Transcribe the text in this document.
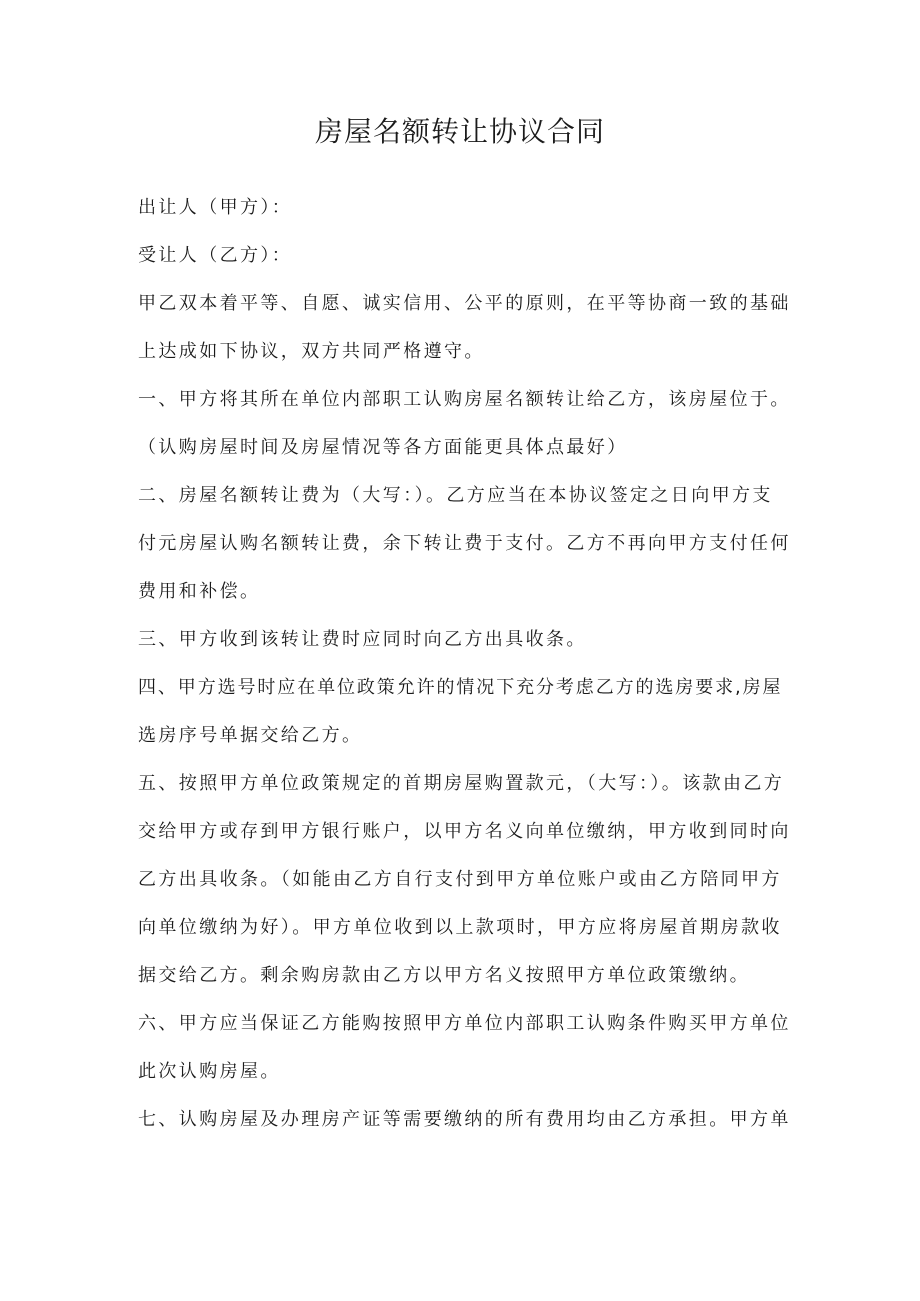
房屋名额转让协议合同
出让人（甲方）：
受让人（乙方）：
甲乙双本着平等、自愿、诚实信用、公平的原则，在平等协商一致的基础
上达成如下协议，双方共同严格遵守。
一、甲方将其所在单位内部职工认购房屋名额转让给乙方，该房屋位于。
（认购房屋时间及房屋情况等各方面能更具体点最好）
二、房屋名额转让费为（大写：）。乙方应当在本协议签定之日向甲方支
付元房屋认购名额转让费，余下转让费于支付。乙方不再向甲方支付任何
费用和补偿。
三、甲方收到该转让费时应同时向乙方出具收条。
四、甲方选号时应在单位政策允许的情况下充分考虑乙方的选房要求,房屋
选房序号单据交给乙方。
五、按照甲方单位政策规定的首期房屋购置款元，（大写：）。该款由乙方
交给甲方或存到甲方银行账户，以甲方名义向单位缴纳，甲方收到同时向
乙方出具收条。（如能由乙方自行支付到甲方单位账户或由乙方陪同甲方
向单位缴纳为好）。甲方单位收到以上款项时，甲方应将房屋首期房款收
据交给乙方。剩余购房款由乙方以甲方名义按照甲方单位政策缴纳。
六、甲方应当保证乙方能购按照甲方单位内部职工认购条件购买甲方单位
此次认购房屋。
七、认购房屋及办理房产证等需要缴纳的所有费用均由乙方承担。甲方单
